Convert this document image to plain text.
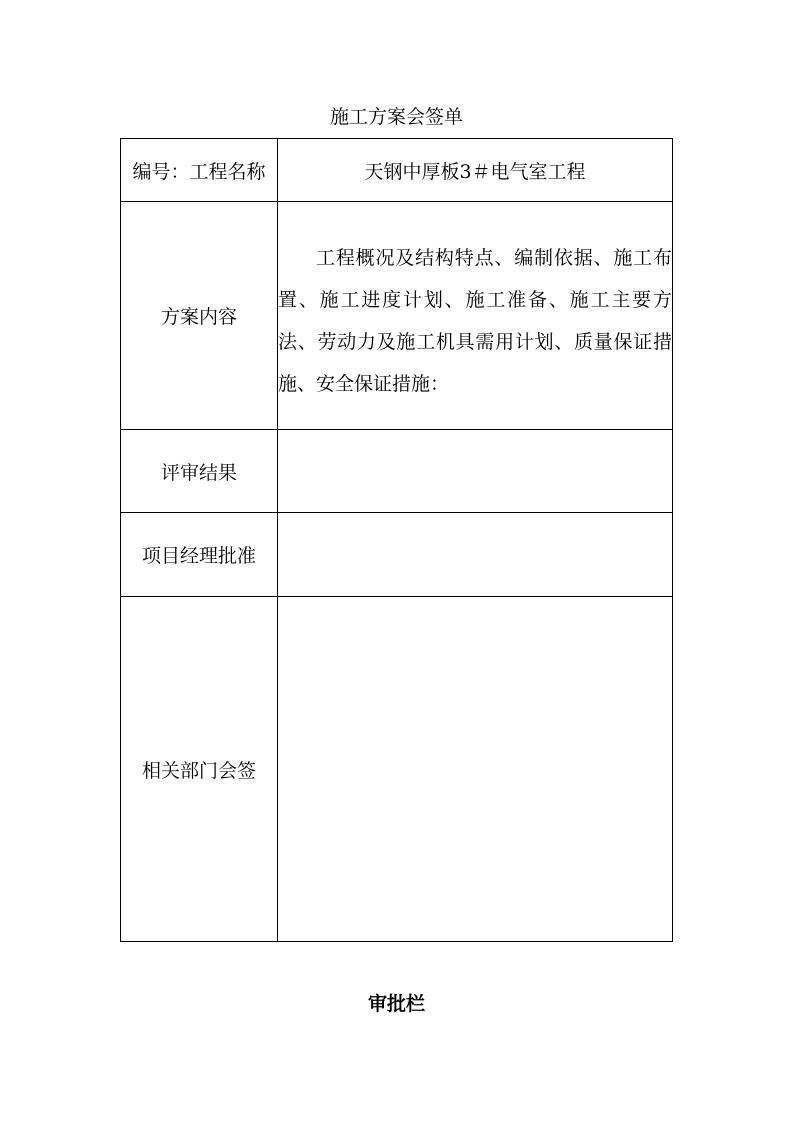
施工方案会签单
编号：工程名称	天钢中厚板3＃电气室工程
方案内容	工程概况及结构特点、编制依据、施工布置、施工进度计划、施工准备、施工主要方法、劳动力及施工机具需用计划、质量保证措施、安全保证措施：

评审结果	
项目经理批准	
相关部门会签	
审批栏
